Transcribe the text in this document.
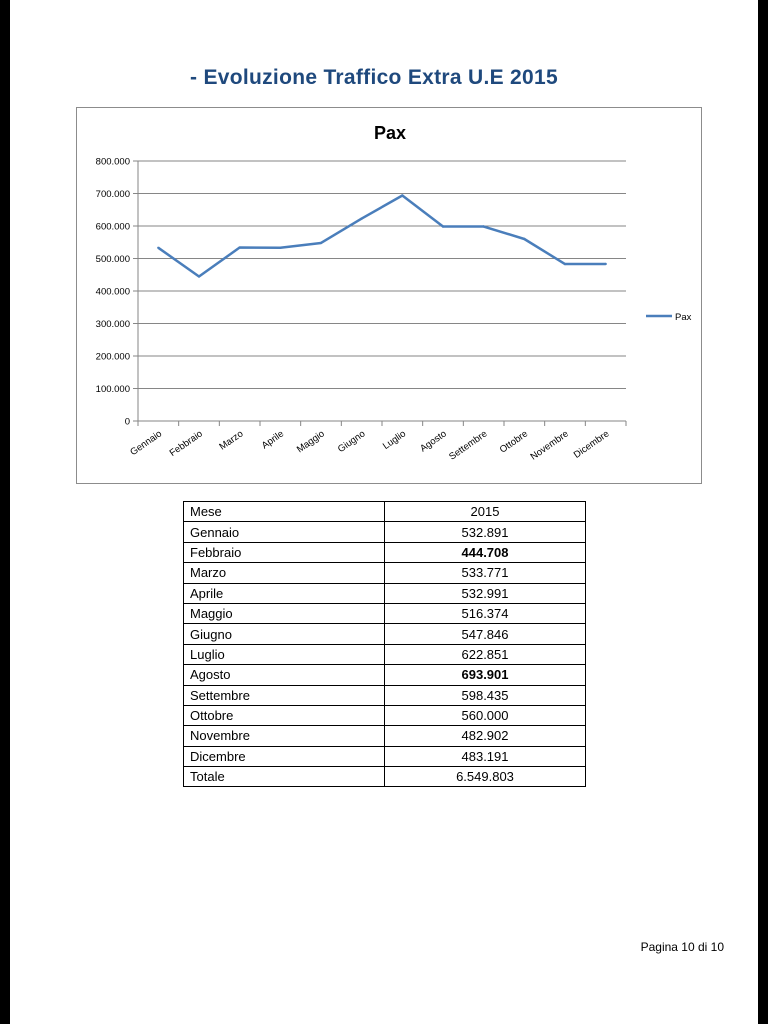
Pax
0
100.000
200.000
300.000
400.000
500.000
600.000
700.000
800.000
Gennaio Febbraio Marzo Aprile Maggio Giugno Luglio Agosto
Settembre Ottobre
Novembre Dicembre
Pax
Mese	2015
Gennaio	532.891
Febbraio	444.708
Marzo	533.771
Aprile	532.991
Maggio	516.374
Giugno	547.846
Luglio	622.851
Agosto	693.901
Settembre	598.435
Ottobre	560.000
Novembre	482.902
Dicembre	483.191
Totale	6.549.803
Pagina 10 di 10
- Evoluzione Traffico Extra U.E 2015
